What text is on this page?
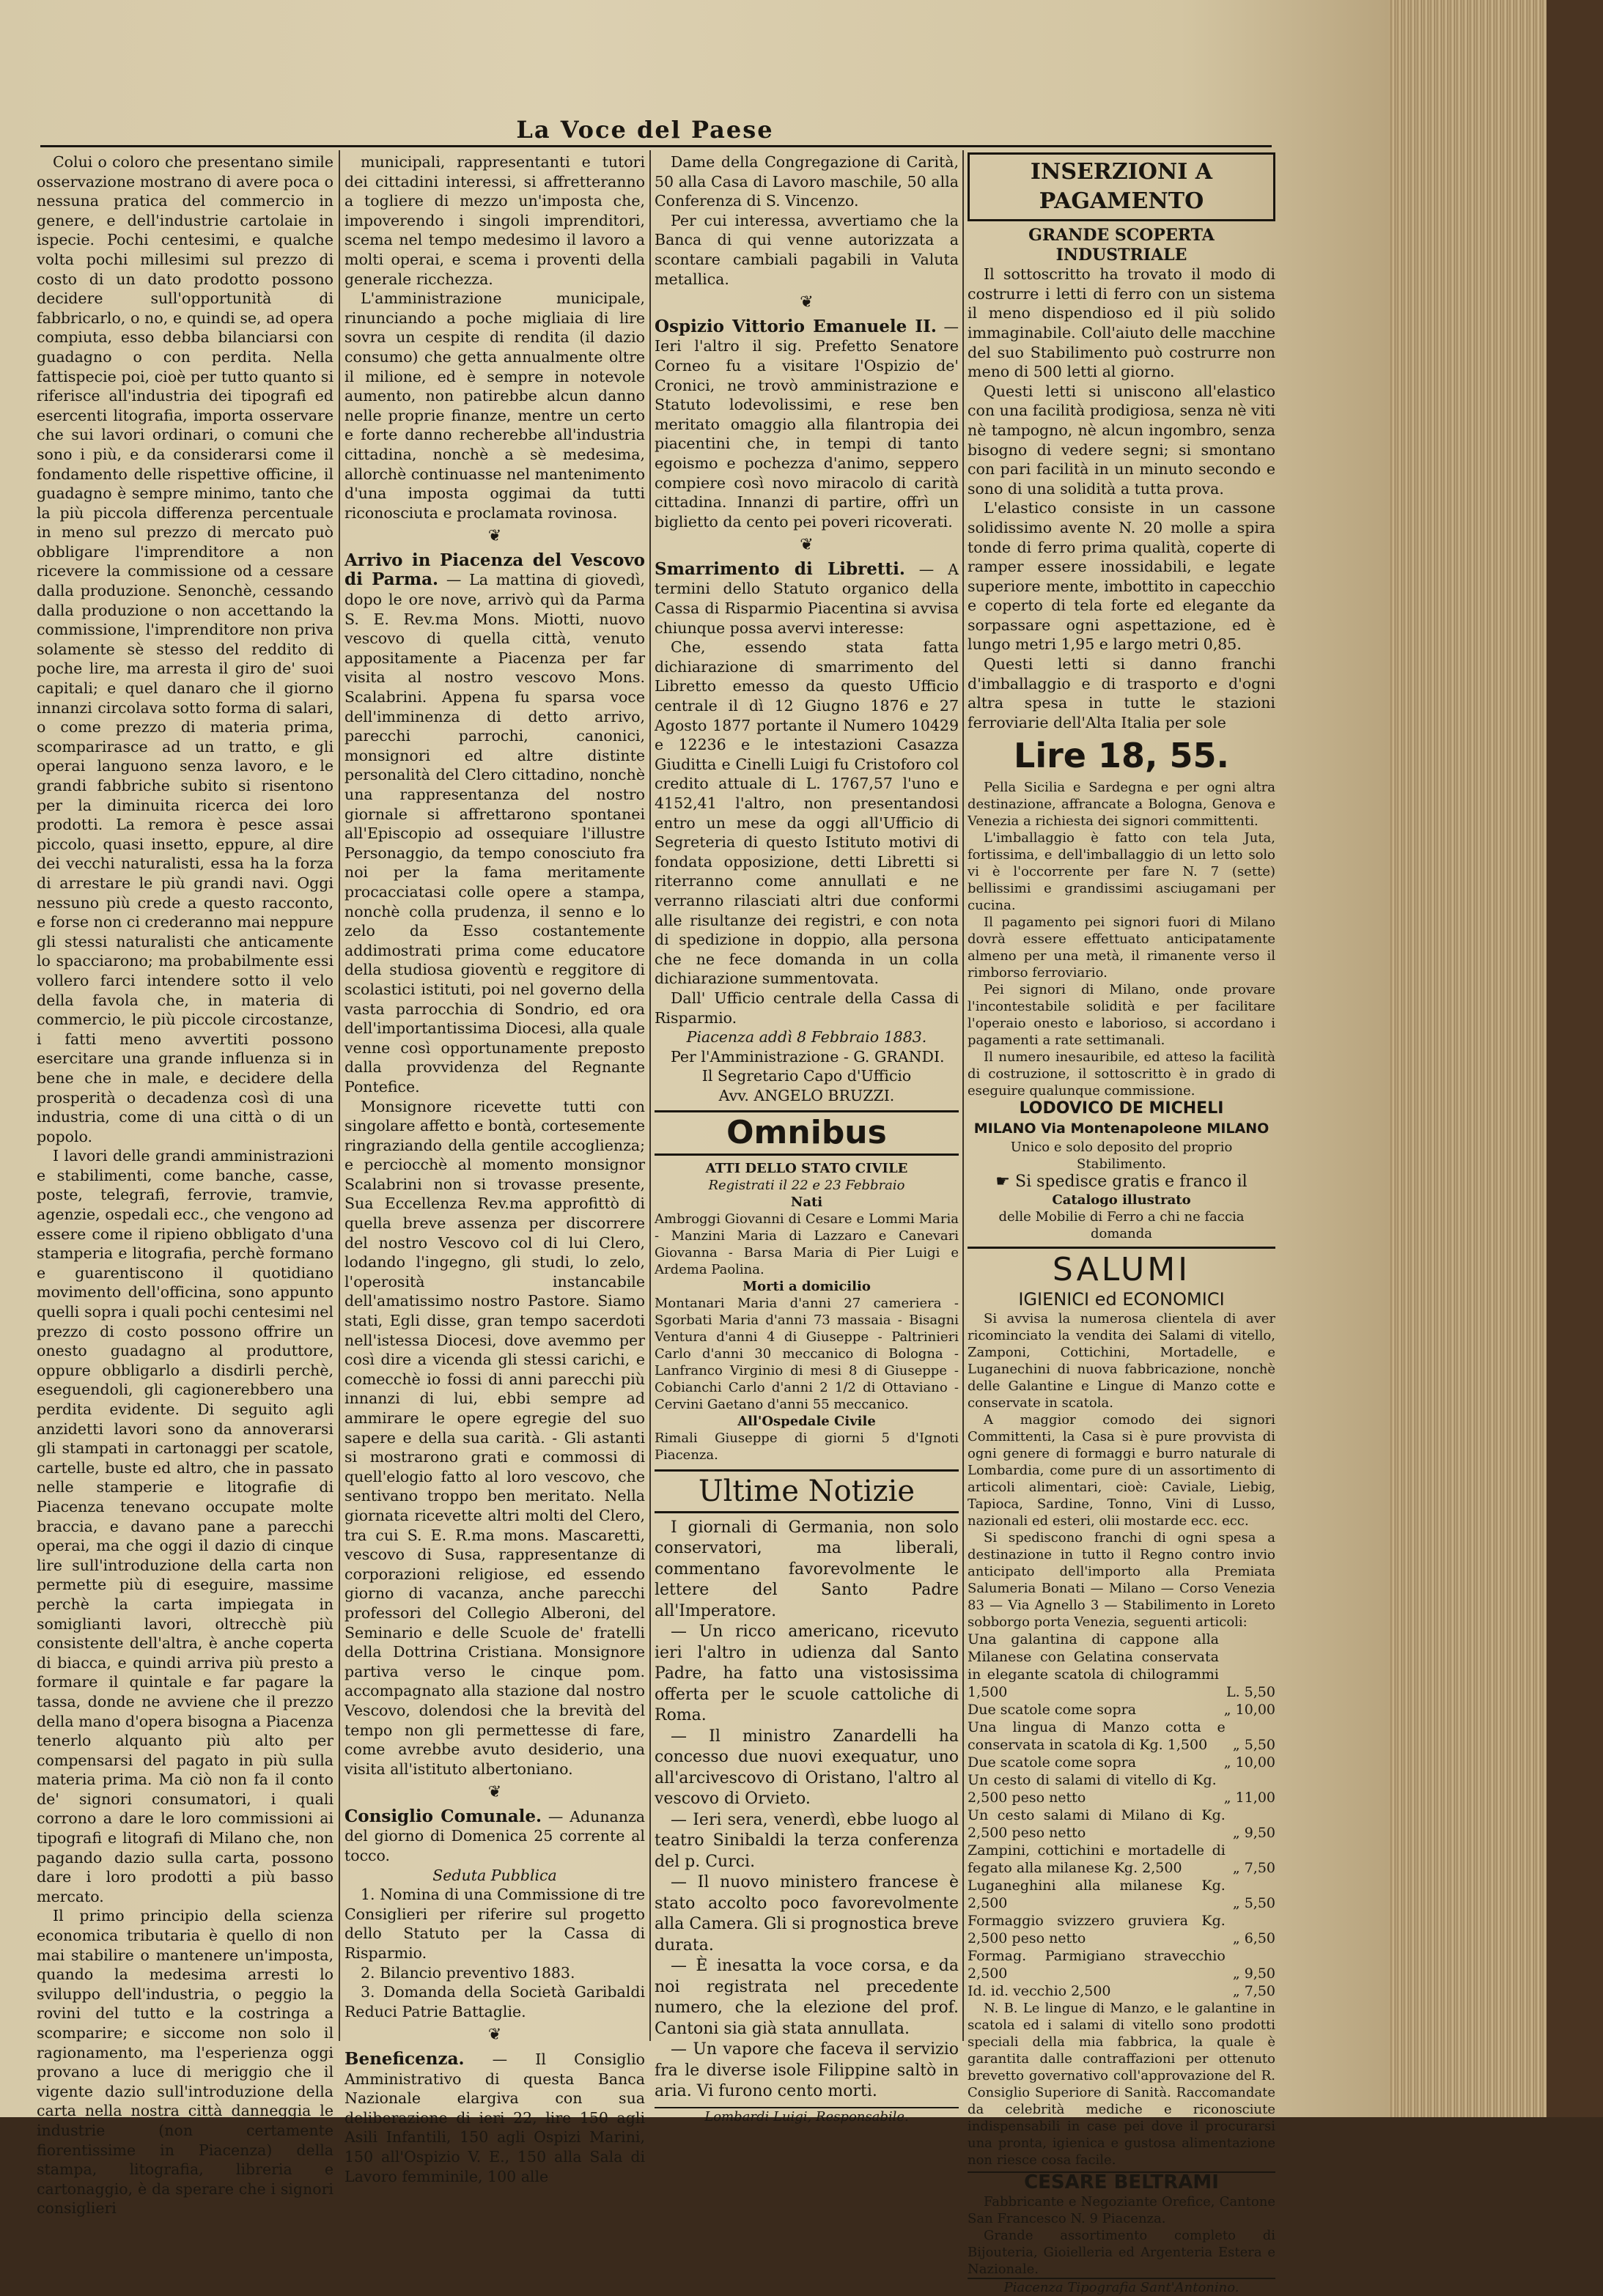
La Voce del Paese

Colui o coloro che presentano simile osservazione mostrano di avere poca o nessuna pratica del commercio in genere, e dell'industrie cartolaie in ispecie. Pochi centesimi, e qualche volta pochi millesimi sul prezzo di costo di un dato prodotto possono decidere sull'opportunità di fabbricarlo, o no, e quindi se, ad opera compiuta, esso debba bilanciarsi con guadagno o con perdita. Nella fattispecie poi, cioè per tutto quanto si riferisce all'industria dei tipografi ed esercenti litografia, importa osservare che sui lavori ordinari, o comuni che sono i più, e da considerarsi come il fondamento delle rispettive officine, il guadagno è sempre minimo, tanto che la più piccola differenza percentuale in meno sul prezzo di mercato può obbligare l'imprenditore a non ricevere la commissione od a cessare dalla produzione. Senonchè, cessando dalla produzione o non accettando la commissione, l'imprenditore non priva solamente sè stesso del reddito di poche lire, ma arresta il giro de' suoi capitali; e quel danaro che il giorno innanzi circolava sotto forma di salari, o come prezzo di materia prima, scomparirasce ad un tratto, e gli operai languono senza lavoro, e le grandi fabbriche subito si risentono per la diminuita ricerca dei loro prodotti. La remora è pesce assai piccolo, quasi insetto, eppure, al dire dei vecchi naturalisti, essa ha la forza di arrestare le più grandi navi. Oggi nessuno più crede a questo racconto, e forse non ci crederanno mai neppure gli stessi naturalisti che anticamente lo spacciarono; ma probabilmente essi vollero farci intendere sotto il velo della favola che, in materia di commercio, le più piccole circostanze, i fatti meno avvertiti possono esercitare una grande influenza si in bene che in male, e decidere della prosperità o decadenza così di una industria, come di una città o di un popolo.

I lavori delle grandi amministrazioni e stabilimenti, come banche, casse, poste, telegrafi, ferrovie, tramvie, agenzie, ospedali ecc., che vengono ad essere come il ripieno obbligato d'una stamperia e litografia, perchè formano e guarentiscono il quotidiano movimento dell'officina, sono appunto quelli sopra i quali pochi centesimi nel prezzo di costo possono offrire un onesto guadagno al produttore, oppure obbligarlo a disdirli perchè, eseguendoli, gli cagionerebbero una perdita evidente. Di seguito agli anzidetti lavori sono da annoverarsi gli stampati in cartonaggi per scatole, cartelle, buste ed altro, che in passato nelle stamperie e litografie di Piacenza tenevano occupate molte braccia, e davano pane a parecchi operai, ma che oggi il dazio di cinque lire sull'introduzione della carta non permette più di eseguire, massime perchè la carta impiegata in somiglianti lavori, oltrecchè più consistente dell'altra, è anche coperta di biacca, e quindi arriva più presto a formare il quintale e far pagare la tassa, donde ne avviene che il prezzo della mano d'opera bisogna a Piacenza tenerlo alquanto più alto per compensarsi del pagato in più sulla materia prima. Ma ciò non fa il conto de' signori consumatori, i quali corrono a dare le loro commissioni ai tipografi e litografi di Milano che, non pagando dazio sulla carta, possono dare i loro prodotti a più basso mercato.

Il primo principio della scienza economica tributaria è quello di non mai stabilire o mantenere un'imposta, quando la medesima arresti lo sviluppo dell'industria, o peggio la rovini del tutto e la costringa a scomparire; e siccome non solo il ragionamento, ma l'esperienza oggi provano a luce di meriggio che il vigente dazio sull'introduzione della carta nella nostra città danneggia le industrie (non certamente fiorentissime in Piacenza) della stampa, litografia, libreria e cartonaggio, è da sperare che i signori consiglieri

municipali, rappresentanti e tutori dei cittadini interessi, si affretteranno a togliere di mezzo un'imposta che, impoverendo i singoli imprenditori, scema nel tempo medesimo il lavoro a molti operai, e scema i proventi della generale ricchezza.

L'amministrazione municipale, rinunciando a poche migliaia di lire sovra un cespite di rendita (il dazio consumo) che getta annualmente oltre il milione, ed è sempre in notevole aumento, non patirebbe alcun danno nelle proprie finanze, mentre un certo e forte danno recherebbe all'industria cittadina, nonchè a sè medesima, allorchè continuasse nel mantenimento d'una imposta oggimai da tutti riconosciuta e proclamata rovinosa.

❦

Arrivo in Piacenza del Vescovo di Parma. — La mattina di giovedì, dopo le ore nove, arrivò quì da Parma S. E. Rev.ma Mons. Miotti, nuovo vescovo di quella città, venuto appositamente a Piacenza per far visita al nostro vescovo Mons. Scalabrini. Appena fu sparsa voce dell'imminenza di detto arrivo, parecchi parrochi, canonici, monsignori ed altre distinte personalità del Clero cittadino, nonchè una rappresentanza del nostro giornale si affrettarono spontanei all'Episcopio ad ossequiare l'illustre Personaggio, da tempo conosciuto fra noi per la fama meritamente procacciatasi colle opere a stampa, nonchè colla prudenza, il senno e lo zelo da Esso costantemente addimostrati prima come educatore della studiosa gioventù e reggitore di scolastici istituti, poi nel governo della vasta parrocchia di Sondrio, ed ora dell'importantissima Diocesi, alla quale venne così opportunamente preposto dalla provvidenza del Regnante Pontefice.

Monsignore ricevette tutti con singolare affetto e bontà, cortesemente ringraziando della gentile accoglienza; e perciocchè al momento monsignor Scalabrini non si trovasse presente, Sua Eccellenza Rev.ma approfittò di quella breve assenza per discorrere del nostro Vescovo col di lui Clero, lodando l'ingegno, gli studi, lo zelo, l'operosità instancabile dell'amatissimo nostro Pastore. Siamo stati, Egli disse, gran tempo sacerdoti nell'istessa Diocesi, dove avemmo per così dire a vicenda gli stessi carichi, e comecchè io fossi di anni parecchi più innanzi di lui, ebbi sempre ad ammirare le opere egregie del suo sapere e della sua carità. - Gli astanti si mostrarono grati e commossi di quell'elogio fatto al loro vescovo, che sentivano troppo ben meritato. Nella giornata ricevette altri molti del Clero, tra cui S. E. R.ma mons. Mascaretti, vescovo di Susa, rappresentanze di corporazioni religiose, ed essendo giorno di vacanza, anche parecchi professori del Collegio Alberoni, del Seminario e delle Scuole de' fratelli della Dottrina Cristiana. Monsignore partiva verso le cinque pom. accompagnato alla stazione dal nostro Vescovo, dolendosi che la brevità del tempo non gli permettesse di fare, come avrebbe avuto desiderio, una visita all'istituto albertoniano.

❦

Consiglio Comunale. — Adunanza del giorno di Domenica 25 corrente al tocco.

Seduta Pubblica

1. Nomina di una Commissione di tre Consiglieri per riferire sul progetto dello Statuto per la Cassa di Risparmio.

2. Bilancio preventivo 1883.

3. Domanda della Società Garibaldi Reduci Patrie Battaglie.

❦

Beneficenza. — Il Consiglio Amministrativo di questa Banca Nazionale elargiva con sua deliberazione di ieri 22, lire 150 agli Asili Infantili, 150 agli Ospizi Marini, 150 all'Ospizio V. E., 150 alla Sala di Lavoro femminile, 100 alle

Dame della Congregazione di Carità, 50 alla Casa di Lavoro maschile, 50 alla Conferenza di S. Vincenzo.

Per cui interessa, avvertiamo che la Banca di qui venne autorizzata a scontare cambiali pagabili in Valuta metallica.

❦

Ospizio Vittorio Emanuele II. — Ieri l'altro il sig. Prefetto Senatore Corneo fu a visitare l'Ospizio de' Cronici, ne trovò amministrazione e Statuto lodevolissimi, e rese ben meritato omaggio alla filantropia dei piacentini che, in tempi di tanto egoismo e pochezza d'animo, seppero compiere così novo miracolo di carità cittadina. Innanzi di partire, offrì un biglietto da cento pei poveri ricoverati.

❦

Smarrimento di Libretti. — A termini dello Statuto organico della Cassa di Risparmio Piacentina si avvisa chiunque possa avervi interesse:

Che, essendo stata fatta dichiarazione di smarrimento del Libretto emesso da questo Ufficio centrale il dì 12 Giugno 1876 e 27 Agosto 1877 portante il Numero 10429 e 12236 e le intestazioni Casazza Giuditta e Cinelli Luigi fu Cristoforo col credito attuale di L. 1767,57 l'uno e 4152,41 l'altro, non presentandosi entro un mese da oggi all'Ufficio di Segreteria di questo Istituto motivi di fondata opposizione, detti Libretti si riterranno come annullati e ne verranno rilasciati altri due conformi alle risultanze dei registri, e con nota di spedizione in doppio, alla persona che ne fece domanda in un colla dichiarazione summentovata.

Dall' Ufficio centrale della Cassa di Risparmio.

Piacenza addì 8 Febbraio 1883.

Per l'Amministrazione - G. GRANDI.

Il Segretario Capo d'Ufficio

Avv. ANGELO BRUZZI.

Omnibus
ATTI DELLO STATO CIVILE
Registrati il 22 e 23 Febbraio
Nati
Ambroggi Giovanni di Cesare e Lommi Maria - Manzini Maria di Lazzaro e Canevari Giovanna - Barsa Maria di Pier Luigi e Ardema Paolina.
Morti a domicilio
Montanari Maria d'anni 27 cameriera - Sgorbati Maria d'anni 73 massaia - Bisagni Ventura d'anni 4 di Giuseppe - Paltrinieri Carlo d'anni 30 meccanico di Bologna - Lanfranco Virginio di mesi 8 di Giuseppe - Cobianchi Carlo d'anni 2 1/2 di Ottaviano - Cervini Gaetano d'anni 55 meccanico.
All'Ospedale Civile
Rimali Giuseppe di giorni 5 d'Ignoti Piacenza.
Ultime Notizie

I giornali di Germania, non solo conservatori, ma liberali, commentano favorevolmente le lettere del Santo Padre all'Imperatore.

— Un ricco americano, ricevuto ieri l'altro in udienza dal Santo Padre, ha fatto una vistosissima offerta per le scuole cattoliche di Roma.

— Il ministro Zanardelli ha concesso due nuovi exequatur, uno all'arcivescovo di Oristano, l'altro al vescovo di Orvieto.

— Ieri sera, venerdì, ebbe luogo al teatro Sinibaldi la terza conferenza del p. Curci.

— Il nuovo ministero francese è stato accolto poco favorevolmente alla Camera. Gli si prognostica breve durata.

— È inesatta la voce corsa, e da noi registrata nel precedente numero, che la elezione del prof. Cantoni sia già stata annullata.

— Un vapore che faceva il servizio fra le diverse isole Filippine saltò in aria. Vi furono cento morti.

Lombardi Luigi, Responsabile.
INSERZIONI A PAGAMENTO
GRANDE SCOPERTA INDUSTRIALE

Il sottoscritto ha trovato il modo di costrurre i letti di ferro con un sistema il meno dispendioso ed il più solido immaginabile. Coll'aiuto delle macchine del suo Stabilimento può costrurre non meno di 500 letti al giorno.

Questi letti si uniscono all'elastico con una facilità prodigiosa, senza nè viti nè tampogno, nè alcun ingombro, senza bisogno di vedere segni; si smontano con pari facilità in un minuto secondo e sono di una solidità a tutta prova.

L'elastico consiste in un cassone solidissimo avente N. 20 molle a spira tonde di ferro prima qualità, coperte di ramper essere inossidabili, e legate superiore mente, imbottito in capecchio e coperto di tela forte ed elegante da sorpassare ogni aspettazione, ed è lungo metri 1,95 e largo metri 0,85.

Questi letti si danno franchi d'imballaggio e di trasporto e d'ogni altra spesa in tutte le stazioni ferroviarie dell'Alta Italia per sole

Lire 18, 55.

Pella Sicilia e Sardegna e per ogni altra destinazione, affrancate a Bologna, Genova e Venezia a richiesta dei signori committenti.

L'imballaggio è fatto con tela Juta, fortissima, e dell'imballaggio di un letto solo vi è l'occorrente per fare N. 7 (sette) bellissimi e grandissimi asciugamani per cucina.

Il pagamento pei signori fuori di Milano dovrà essere effettuato anticipatamente almeno per una metà, il rimanente verso il rimborso ferroviario.

Pei signori di Milano, onde provare l'incontestabile solidità e per facilitare l'operaio onesto e laborioso, si accordano i pagamenti a rate settimanali.

Il numero inesauribile, ed atteso la facilità di costruzione, il sottoscritto è in grado di eseguire qualunque commissione.

LODOVICO DE MICHELI
MILANO Via Montenapoleone MILANO
Unico e solo deposito del proprio Stabilimento.
☛ Si spedisce gratis e franco il
Catalogo illustrato
delle Mobilie di Ferro a chi ne faccia domanda
SALUMI
IGIENICI ed ECONOMICI

Si avvisa la numerosa clientela di aver ricominciato la vendita dei Salami di vitello, Zamponi, Cottichini, Mortadelle, e Luganechini di nuova fabbricazione, nonchè delle Galantine e Lingue di Manzo cotte e conservate in scatola.

A maggior comodo dei signori Committenti, la Casa si è pure provvista di ogni genere di formaggi e burro naturale di Lombardia, come pure di un assortimento di articoli alimentari, cioè: Caviale, Liebig, Tapioca, Sardine, Tonno, Vini di Lusso, nazionali ed esteri, olii mostarde ecc. ecc.

Si spediscono franchi di ogni spesa a destinazione in tutto il Regno contro invio anticipato dell'importo alla Premiata Salumeria Bonati — Milano — Corso Venezia 83 — Via Agnello 3 — Stabilimento in Loreto sobborgo porta Venezia, seguenti articoli:

Una galantina di cappone alla Milanese con Gelatina conservata in elegante scatola di chilogrammi 1,500	L. 5,50
Due scatole come sopra	„ 10,00
Una lingua di Manzo cotta e conservata in scatola di Kg. 1,500	„ 5,50
Due scatole come sopra	„ 10,00
Un cesto di salami di vitello di Kg. 2,500 peso netto	„ 11,00
Un cesto salami di Milano di Kg. 2,500 peso netto	„ 9,50
Zampini, cottichini e mortadelle di fegato alla milanese Kg. 2,500	„ 7,50
Luganeghini alla milanese Kg. 2,500	„ 5,50
Formaggio svizzero gruviera Kg. 2,500 peso netto	„ 6,50
Formag. Parmigiano stravecchio 2,500	„ 9,50
Id. id. vecchio 2,500	„ 7,50

N. B. Le lingue di Manzo, e le galantine in scatola ed i salami di vitello sono prodotti speciali della mia fabbrica, la quale è garantita dalle contraffazioni per ottenuto brevetto governativo coll'approvazione del R. Consiglio Superiore di Sanità. Raccomandate da celebrità mediche e riconosciute indispensabili in case pei dove il procurarsi una pronta, igienica e gustosa alimentazione non riesce cosa facile.

CESARE BELTRAMI

Fabbricante e Negoziante Orefice, Cantone San Francesco N. 9 Piacenza.

Grande assortimento completo di Bijouteria, Gioielleria ed Argenteria Estera e Nazionale.

Piacenza Tipografia Sant'Antonino.
